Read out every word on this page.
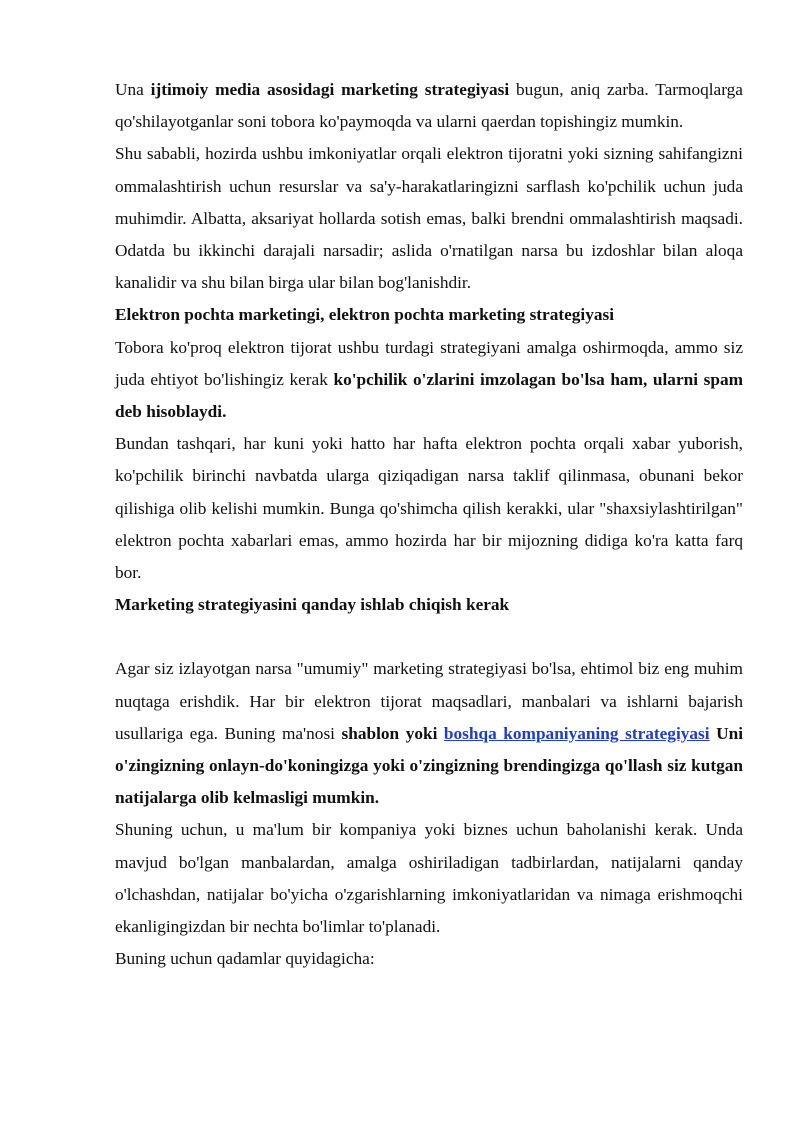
Una ijtimoiy media asosidagi marketing strategiyasi bugun, aniq zarba. Tarmoqlarga qo'shilayotganlar soni tobora ko'paymoqda va ularni qaerdan topishingiz mumkin.

Shu sababli, hozirda ushbu imkoniyatlar orqali elektron tijoratni yoki sizning sahifangizni ommalashtirish uchun resurslar va sa'y-harakatlaringizni sarflash ko'pchilik uchun juda muhimdir. Albatta, aksariyat hollarda sotish emas, balki brendni ommalashtirish maqsadi. Odatda bu ikkinchi darajali narsadir; aslida o'rnatilgan narsa bu izdoshlar bilan aloqa kanalidir va shu bilan birga ular bilan bog'lanishdir.

Elektron pochta marketingi, elektron pochta marketing strategiyasi

Tobora ko'proq elektron tijorat ushbu turdagi strategiyani amalga oshirmoqda, ammo siz juda ehtiyot bo'lishingiz kerak ko'pchilik o'zlarini imzolagan bo'lsa ham, ularni spam deb hisoblaydi.

Bundan tashqari, har kuni yoki hatto har hafta elektron pochta orqali xabar yuborish, ko'pchilik birinchi navbatda ularga qiziqadigan narsa taklif qilinmasa, obunani bekor qilishiga olib kelishi mumkin. Bunga qo'shimcha qilish kerakki, ular "shaxsiylashtirilgan" elektron pochta xabarlari emas, ammo hozirda har bir mijozning didiga ko'ra katta farq bor.

Marketing strategiyasini qanday ishlab chiqish kerak

Agar siz izlayotgan narsa "umumiy" marketing strategiyasi bo'lsa, ehtimol biz eng muhim nuqtaga erishdik. Har bir elektron tijorat maqsadlari, manbalari va ishlarni bajarish usullariga ega. Buning ma'nosi shablon yoki boshqa kompaniyaning strategiyasi Uni o'zingizning onlayn-do'koningizga yoki o'zingizning brendingizga qo'llash siz kutgan natijalarga olib kelmasligi mumkin.

Shuning uchun, u ma'lum bir kompaniya yoki biznes uchun baholanishi kerak. Unda mavjud bo'lgan manbalardan, amalga oshiriladigan tadbirlardan, natijalarni qanday o'lchashdan, natijalar bo'yicha o'zgarishlarning imkoniyatlaridan va nimaga erishmoqchi ekanligingizdan bir nechta bo'limlar to'planadi.

Buning uchun qadamlar quyidagicha:
